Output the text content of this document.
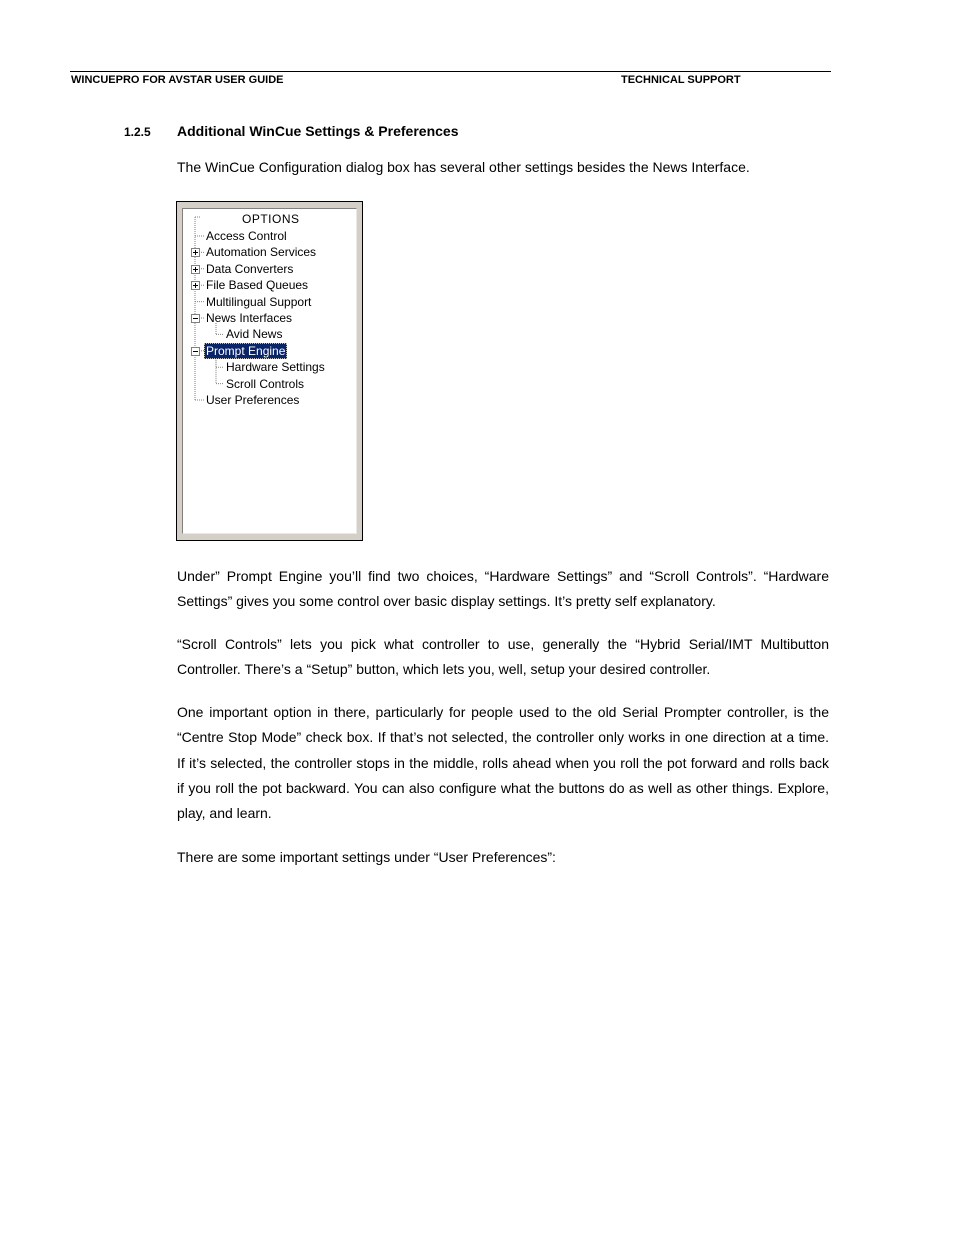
WINCUEPRO FOR AVSTAR USER GUIDE	TECHNICAL SUPPORT
1.2.5 Additional WinCue Settings & Preferences
The WinCue Configuration dialog box has several other settings besides the News Interface.
OPTIONS
Access Control
Automation Services
Data Converters
File Based Queues
Multilingual Support
News Interfaces
Avid News
Prompt Engine
Hardware Settings
Scroll Controls
User Preferences
Under” Prompt Engine you’ll find two choices, “Hardware Settings” and “Scroll Controls”. “Hardware Settings” gives you some control over basic display settings. It’s pretty self explanatory.
“Scroll Controls” lets you pick what controller to use, generally the “Hybrid Serial/IMT Multibutton Controller. There’s a “Setup” button, which lets you, well, setup your desired controller.
One important option in there, particularly for people used to the old Serial Prompter controller, is the “Centre Stop Mode” check box. If that’s not selected, the controller only works in one direction at a time. If it’s selected, the controller stops in the middle, rolls ahead when you roll the pot forward and rolls back if you roll the pot backward. You can also configure what the buttons do as well as other things. Explore, play, and learn.
There are some important settings under “User Preferences”:
